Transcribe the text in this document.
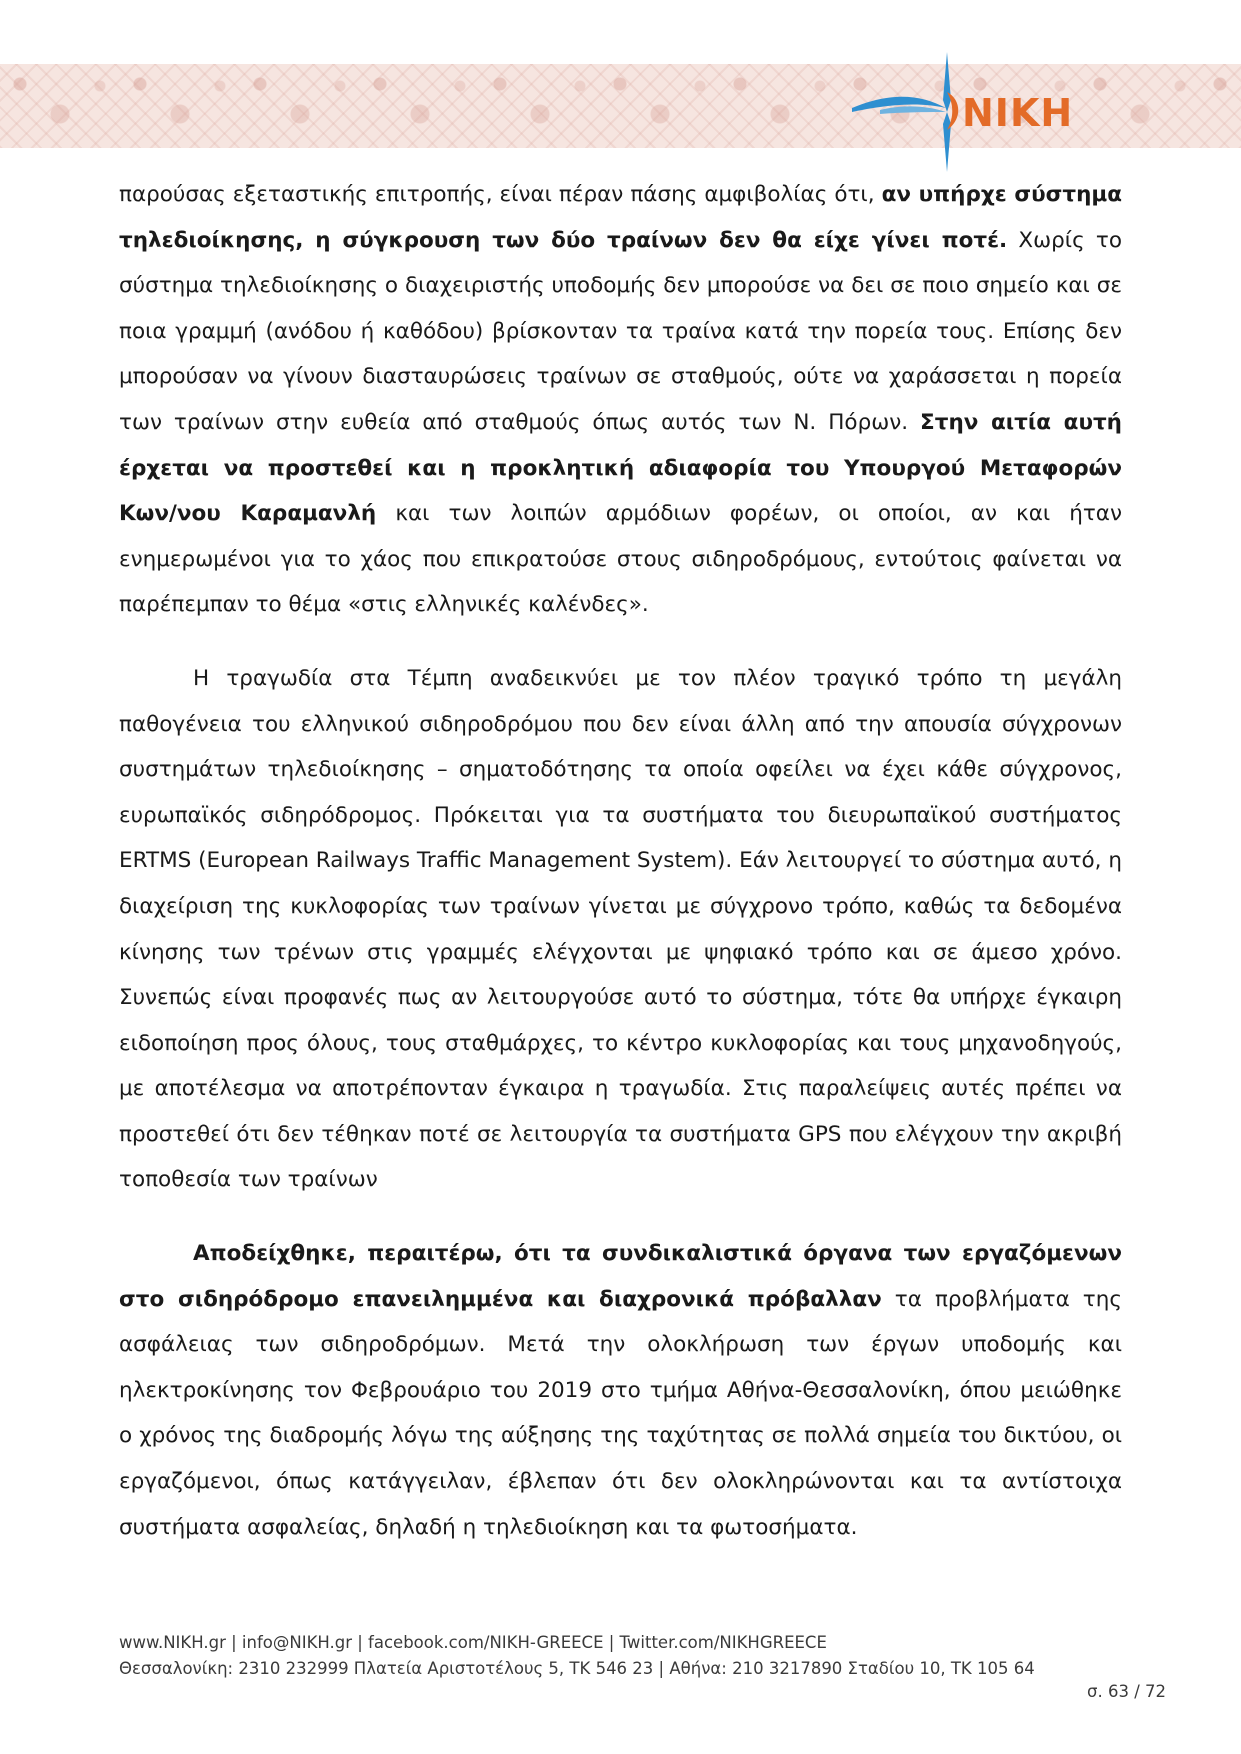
NIKH

παρούσας εξεταστικής επιτροπής, είναι πέραν πάσης αμφιβολίας ότι, αν υπήρχε σύστημα τηλεδιοίκησης, η σύγκρουση των δύο τραίνων δεν θα είχε γίνει ποτέ. Χωρίς το σύστημα τηλεδιοίκησης ο διαχειριστής υποδομής δεν μπορούσε να δει σε ποιο σημείο και σε ποια γραμμή (ανόδου ή καθόδου) βρίσκονταν τα τραίνα κατά την πορεία τους. Επίσης δεν μπορούσαν να γίνουν διασταυρώσεις τραίνων σε σταθμούς, ούτε να χαράσσεται η πορεία των τραίνων στην ευθεία από σταθμούς όπως αυτός των Ν. Πόρων. Στην αιτία αυτή έρχεται να προστεθεί και η προκλητική αδιαφορία του Υπουργού Μεταφορών Κων/νου Καραμανλή και των λοιπών αρμόδιων φορέων, οι οποίοι, αν και ήταν ενημερωμένοι για το χάος που επικρατούσε στους σιδηροδρόμους, εντούτοις φαίνεται να παρέπεμπαν το θέμα «στις ελληνικές καλένδες».

Η τραγωδία στα Τέμπη αναδεικνύει με τον πλέον τραγικό τρόπο τη μεγάλη παθογένεια του ελληνικού σιδηροδρόμου που δεν είναι άλλη από την απουσία σύγχρονων συστημάτων τηλεδιοίκησης – σηματοδότησης τα οποία οφείλει να έχει κάθε σύγχρονος, ευρωπαϊκός σιδηρόδρομος. Πρόκειται για τα συστήματα του διευρωπαϊκού συστήματος ERTMS (European Railways Traffic Management System). Εάν λειτουργεί το σύστημα αυτό, η διαχείριση της κυκλοφορίας των τραίνων γίνεται με σύγχρονο τρόπο, καθώς τα δεδομένα κίνησης των τρένων στις γραμμές ελέγχονται με ψηφιακό τρόπο και σε άμεσο χρόνο. Συνεπώς είναι προφανές πως αν λειτουργούσε αυτό το σύστημα, τότε θα υπήρχε έγκαιρη ειδοποίηση προς όλους, τους σταθμάρχες, το κέντρο κυκλοφορίας και τους μηχανοδηγούς, με αποτέλεσμα να αποτρέπονταν έγκαιρα η τραγωδία. Στις παραλείψεις αυτές πρέπει να προστεθεί ότι δεν τέθηκαν ποτέ σε λειτουργία τα συστήματα GPS που ελέγχουν την ακριβή τοποθεσία των τραίνων

Αποδείχθηκε, περαιτέρω, ότι τα συνδικαλιστικά όργανα των εργαζόμενων στο σιδηρόδρομο επανειλημμένα και διαχρονικά πρόβαλλαν τα προβλήματα της ασφάλειας των σιδηροδρόμων. Μετά την ολοκλήρωση των έργων υποδομής και ηλεκτροκίνησης τον Φεβρουάριο του 2019 στο τμήμα Αθήνα-Θεσσαλονίκη, όπου μειώθηκε ο χρόνος της διαδρομής λόγω της αύξησης της ταχύτητας σε πολλά σημεία του δικτύου, οι εργαζόμενοι, όπως κατάγγειλαν, έβλεπαν ότι δεν ολοκληρώνονται και τα αντίστοιχα συστήματα ασφαλείας, δηλαδή η τηλεδιοίκηση και τα φωτοσήματα.

www.NIKH.gr | info@NIKH.gr | facebook.com/NIKH-GREECE | Twitter.com/NIKHGREECE
Θεσσαλονίκη: 2310 232999 Πλατεία Αριστοτέλους 5, ΤΚ 546 23 | Αθήνα: 210 3217890 Σταδίου 10, ΤΚ 105 64
σ. 63 / 72
